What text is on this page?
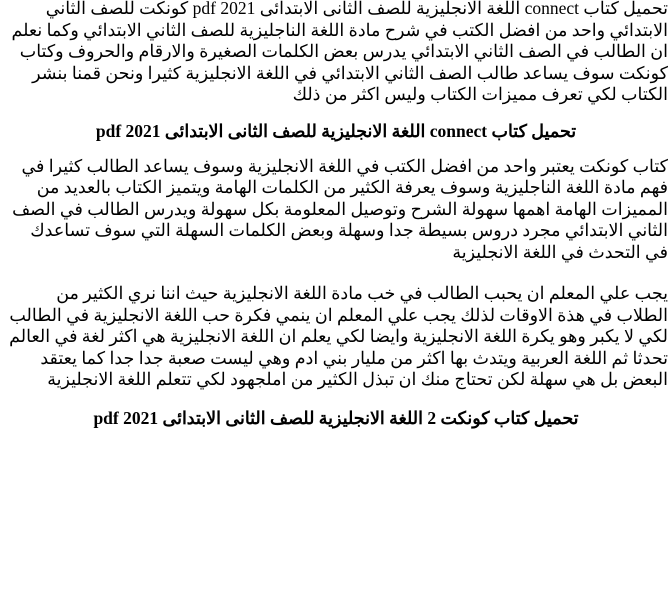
تحميل كتاب connect اللغة الانجليزية للصف الثانى الابتدائى 2021 pdf كونكت للصف الثاني الابتدائي واحد من افضل الكتب في شرح مادة اللغة الناجليزية للصف الثاني الابتدائي وكما نعلم ان الطالب في الصف الثاني الابتدائي يدرس بعض الكلمات الصغيرة والارقام والحروف وكتاب كونكت سوف يساعد طالب الصف الثاني الابتدائي في اللغة الانجليزية كثيرا ونحن قمنا بنشر الكتاب لكي تعرف مميزات الكتاب وليس اكثر من ذلك

تحميل كتاب connect اللغة الانجليزية للصف الثانى الابتدائى 2021 pdf

كتاب كونكت يعتبر واحد من افضل الكتب في اللغة الانجليزية وسوف يساعد الطالب كثيرا في فهم مادة اللغة الناجليزية وسوف يعرفة الكثير من الكلمات الهامة ويتميز الكتاب بالعديد من المميزات الهامة اهمها سهولة الشرح وتوصيل المعلومة بكل سهولة ويدرس الطالب في الصف الثاني الابتدائي مجرد دروس بسيطة جدا وسهلة وبعض الكلمات السهلة التي سوف تساعدك في التحدث في اللغة الانجليزية

يجب علي المعلم ان يحبب الطالب في خب مادة اللغة الانجليزية حيث اننا نري الكثير من الطلاب في هذة الاوقات لذلك يجب علي المعلم ان ينمي فكرة حب اللغة الانجليزية في الطالب لكي لا يكبر وهو يكرة اللغة الانجليزية وايضا لكي يعلم ان اللغة الانجليزية هي اكثر لغة في العالم تحدثا ثم اللغة العربية ويتدث بها اكثر من مليار بني ادم وهي ليست صعبة جدا جدا كما يعتقد البعض بل هي سهلة لكن تحتاج منك ان تبذل الكثير من املجهود لكي تتعلم اللغة الانجليزية

تحميل كتاب كونكت 2 اللغة الانجليزية للصف الثانى الابتدائى 2021 pdf
